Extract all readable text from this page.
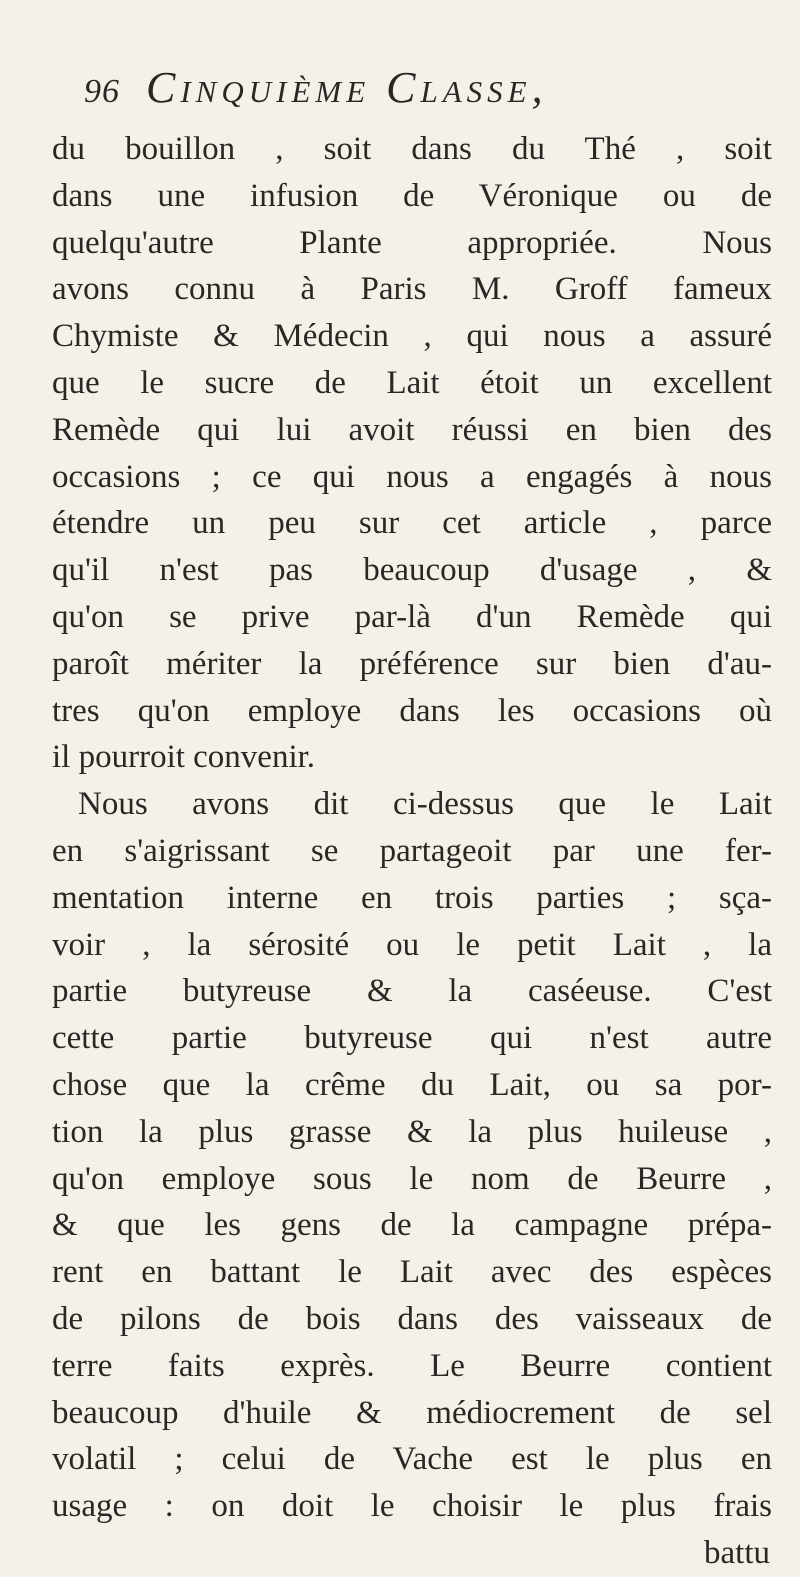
96 Cinquième Classe,
du bouillon , soit dans du Thé , soit
dans une infusion de Véronique ou de
quelqu'autre Plante appropriée. Nous
avons connu à Paris M. Groff fameux
Chymiste & Médecin , qui nous a assuré
que le sucre de Lait étoit un excellent
Remède qui lui avoit réussi en bien des
occasions ; ce qui nous a engagés à nous
étendre un peu sur cet article , parce
qu'il n'est pas beaucoup d'usage , &
qu'on se prive par-là d'un Remède qui
paroît mériter la préférence sur bien d'au-
tres qu'on employe dans les occasions où
il pourroit convenir.
Nous avons dit ci-dessus que le Lait
en s'aigrissant se partageoit par une fer-
mentation interne en trois parties ; sça-
voir , la sérosité ou le petit Lait , la
partie butyreuse & la caséeuse. C'est
cette partie butyreuse qui n'est autre
chose que la crême du Lait, ou sa por-
tion la plus grasse & la plus huileuse ,
qu'on employe sous le nom de Beurre ,
& que les gens de la campagne prépa-
rent en battant le Lait avec des espèces
de pilons de bois dans des vaisseaux de
terre faits exprès. Le Beurre contient
beaucoup d'huile & médiocrement de sel
volatil ; celui de Vache est le plus en
usage : on doit le choisir le plus frais
battu
